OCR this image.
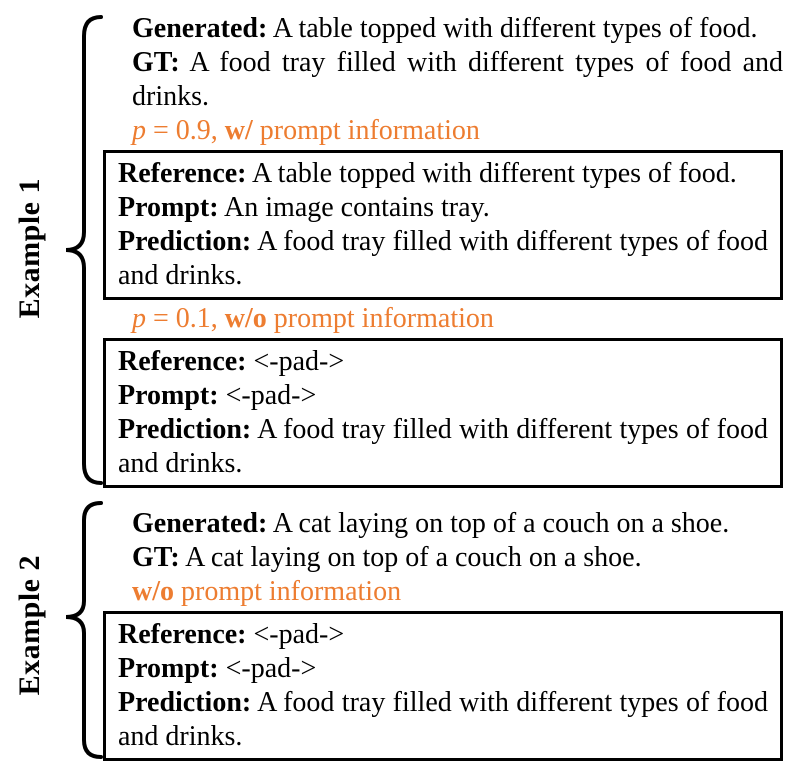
Example 1

Generated: A table topped with different types of food.

GT: A food tray filled with different types of food and drinks.

p = 0.9, w/ prompt information

Reference: A table topped with different types of food.

Prompt: An image contains tray.

Prediction: A food tray filled with different types of food and drinks.

p = 0.1, w/o prompt information

Reference: <-pad->

Prompt: <-pad->

Prediction: A food tray filled with different types of food and drinks.

Example 2

Generated: A cat laying on top of a couch on a shoe.

GT: A cat laying on top of a couch on a shoe.

w/o prompt information

Reference: <-pad->

Prompt: <-pad->

Prediction: A food tray filled with different types of food and drinks.
